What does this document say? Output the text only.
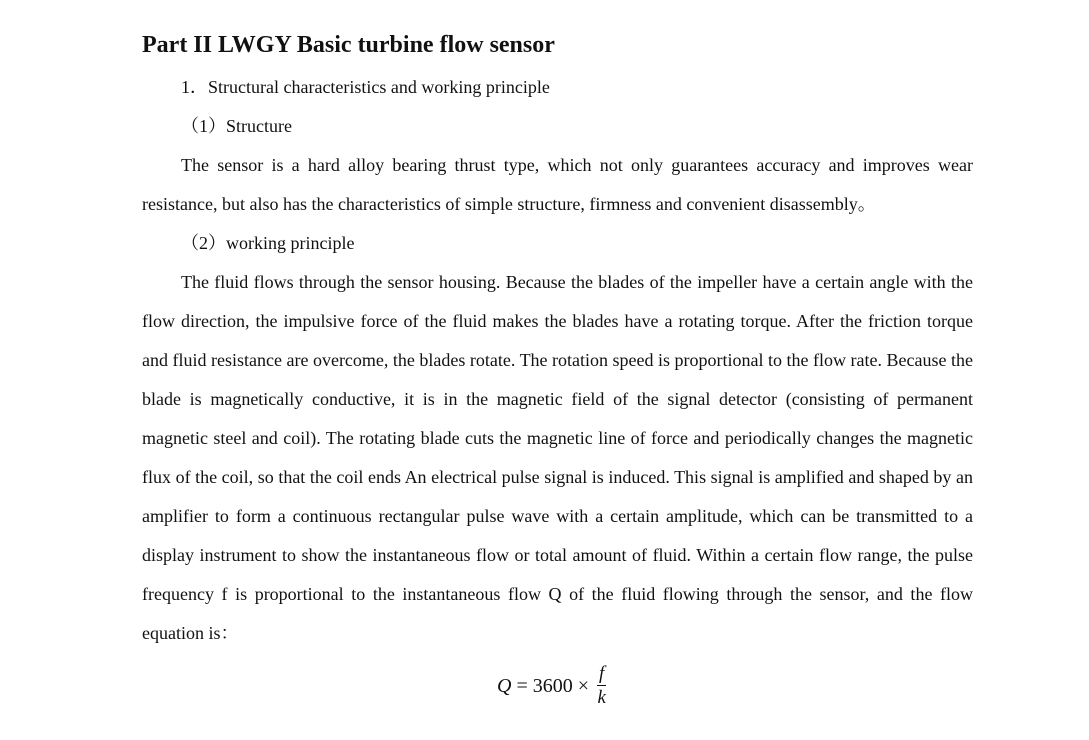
Part II LWGY Basic turbine flow sensor

1．Structural characteristics and working principle

（1）Structure

The sensor is a hard alloy bearing thrust type, which not only guarantees accuracy and improves wear resistance, but also has the characteristics of simple structure, firmness and convenient disassembly。

（2）working principle

The fluid flows through the sensor housing. Because the blades of the impeller have a certain angle with the flow direction, the impulsive force of the fluid makes the blades have a rotating torque. After the friction torque and fluid resistance are overcome, the blades rotate. The rotation speed is proportional to the flow rate. Because the blade is magnetically conductive, it is in the magnetic field of the signal detector (consisting of permanent magnetic steel and coil). The rotating blade cuts the magnetic line of force and periodically changes the magnetic flux of the coil, so that the coil ends An electrical pulse signal is induced. This signal is amplified and shaped by an amplifier to form a continuous rectangular pulse wave with a certain amplitude, which can be transmitted to a display instrument to show the instantaneous flow or total amount of fluid. Within a certain flow range, the pulse frequency f is proportional to the instantaneous flow Q of the fluid flowing through the sensor, and the flow equation is：

$Q = 3600 \times \frac{f}{k}$
